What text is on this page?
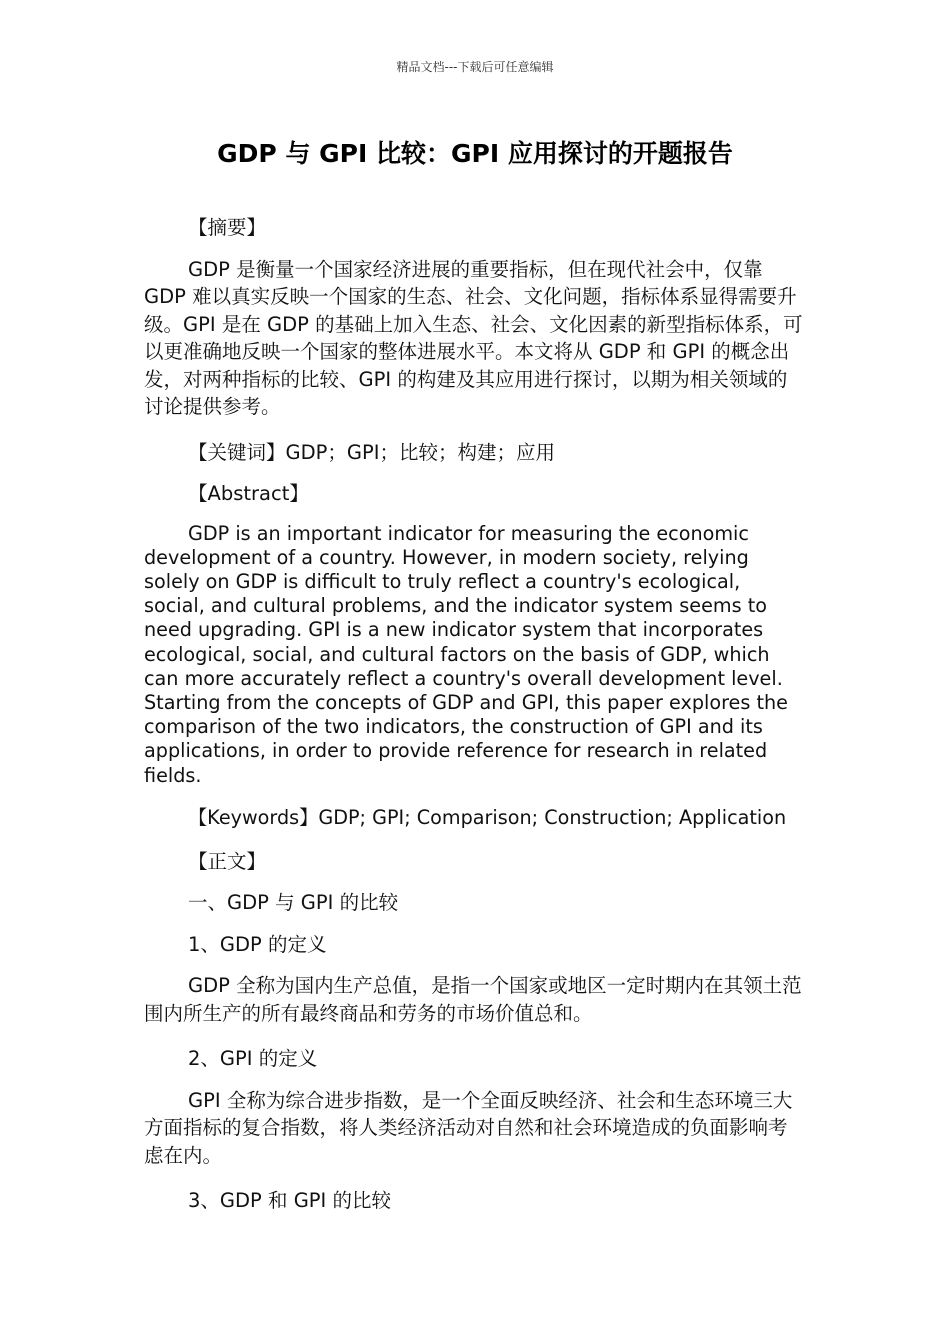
精品文档---下载后可任意编辑
GDP 与 GPI 比较：GPI 应用探讨的开题报告

【摘要】

GDP 是衡量一个国家经济进展的重要指标，但在现代社会中，仅靠 GDP 难以真实反映一个国家的生态、社会、文化问题，指标体系显得需要升级。GPI 是在 GDP 的基础上加入生态、社会、文化因素的新型指标体系，可以更准确地反映一个国家的整体进展水平。本文将从 GDP 和 GPI 的概念出发，对两种指标的比较、GPI 的构建及其应用进行探讨，以期为相关领域的讨论提供参考。

【关键词】GDP；GPI；比较；构建；应用

【Abstract】

GDP is an important indicator for measuring the economic development of a country. However, in modern society, relying solely on GDP is difficult to truly reflect a country's ecological, social, and cultural problems, and the indicator system seems to need upgrading. GPI is a new indicator system that incorporates ecological, social, and cultural factors on the basis of GDP, which can more accurately reflect a country's overall development level. Starting from the concepts of GDP and GPI, this paper explores the comparison of the two indicators, the construction of GPI and its applications, in order to provide reference for research in related fields.

【Keywords】GDP; GPI; Comparison; Construction; Application

【正文】

一、GDP 与 GPI 的比较

1、GDP 的定义

GDP 全称为国内生产总值，是指一个国家或地区一定时期内在其领土范围内所生产的所有最终商品和劳务的市场价值总和。

2、GPI 的定义

GPI 全称为综合进步指数，是一个全面反映经济、社会和生态环境三大方面指标的复合指数，将人类经济活动对自然和社会环境造成的负面影响考虑在内。

3、GDP 和 GPI 的比较
